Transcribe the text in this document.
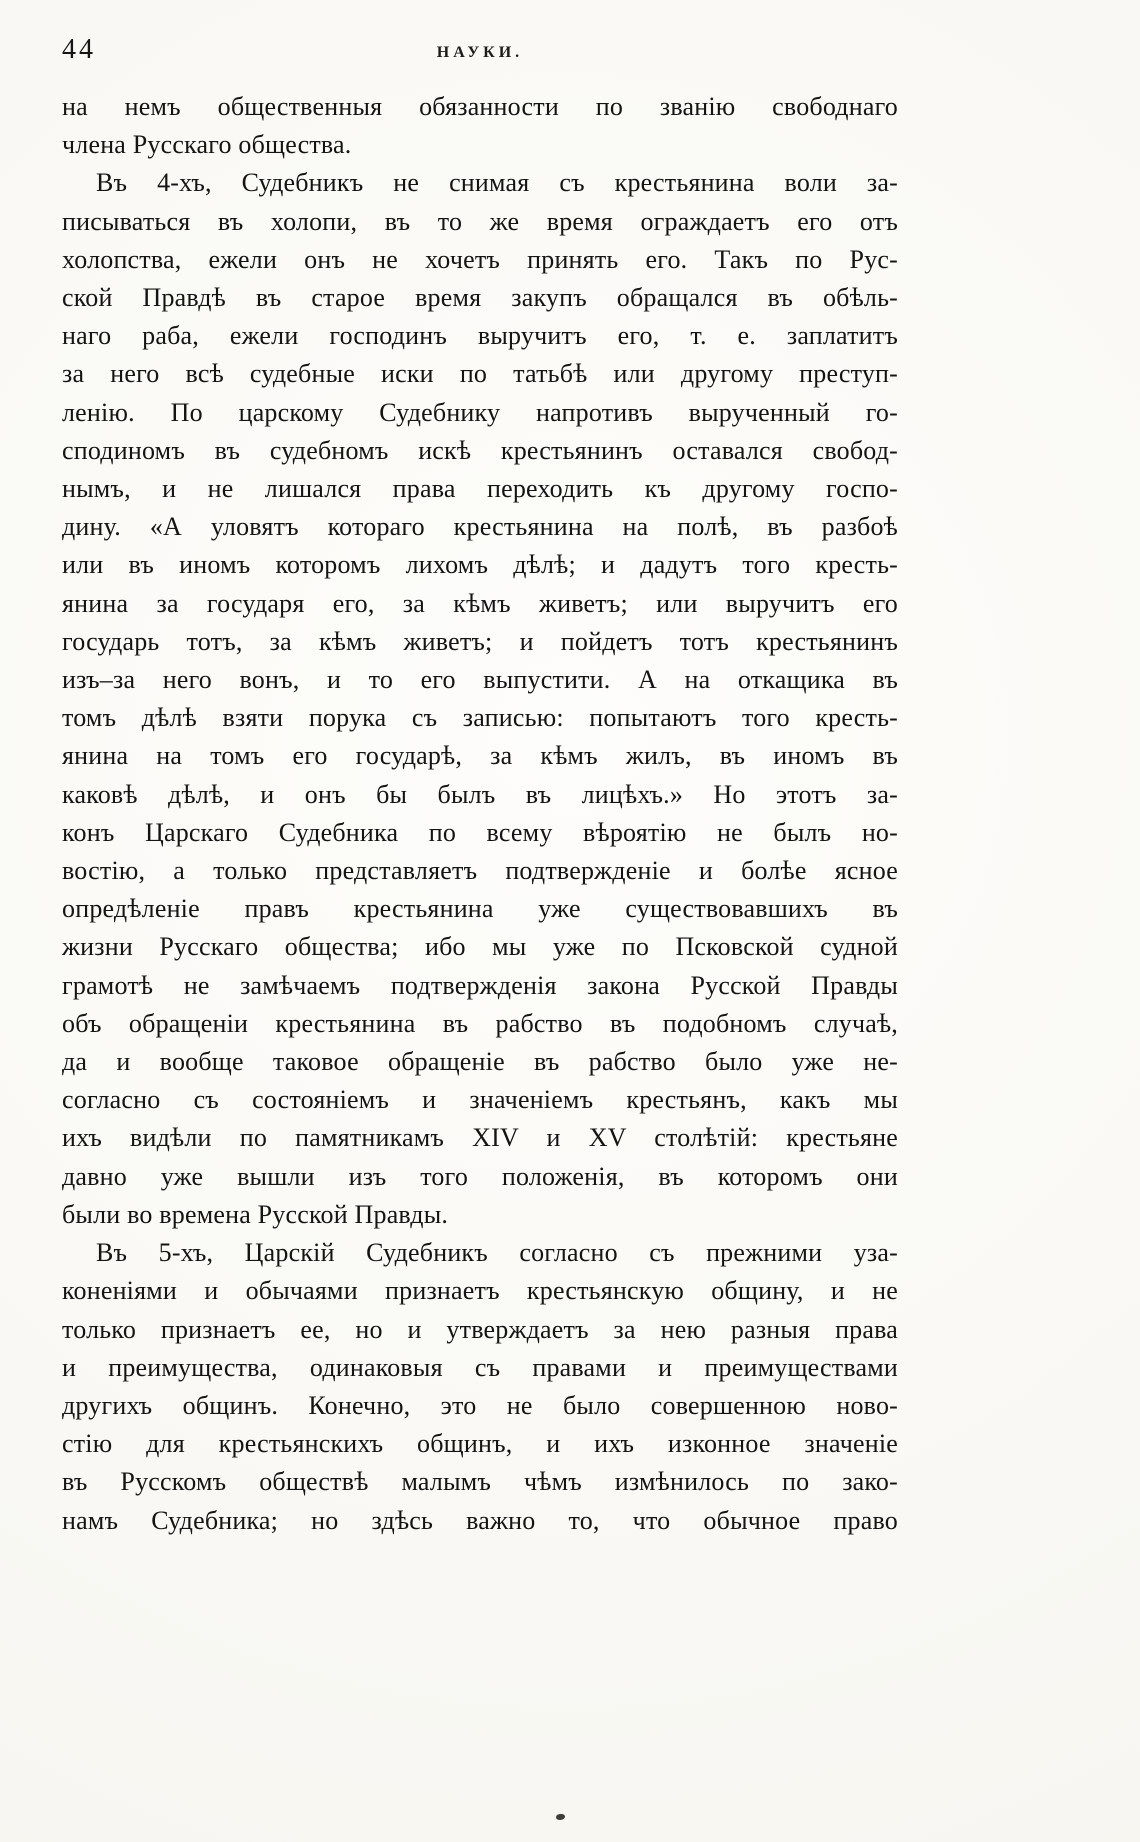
44	НАУКИ.
на немъ общественныя обязанности по званію свободнаго
члена Русскаго общества.
Въ 4-хъ, Судебникъ не снимая съ крестьянина воли за-
писываться въ холопи, въ то же время ограждаетъ его отъ
холопства, ежели онъ не хочетъ принять его. Такъ по Рус-
ской Правдѣ въ старое время закупъ обращался въ обѣль-
наго раба, ежели господинъ выручитъ его, т. е. заплатитъ
за него всѣ судебные иски по татьбѣ или другому преступ-
ленію. По царскому Судебнику напротивъ вырученный го-
сподиномъ въ судебномъ искѣ крестьянинъ оставался свобод-
нымъ, и не лишался права переходить къ другому госпо-
дину. «А уловятъ котораго крестьянина на полѣ, въ разбоѣ
или въ иномъ которомъ лихомъ дѣлѣ; и дадутъ того кресть-
янина за государя его, за кѣмъ живетъ; или выручитъ его
государь тотъ, за кѣмъ живетъ; и пойдетъ тотъ крестьянинъ
изъ–за него вонъ, и то его выпустити. А на откащика въ
томъ дѣлѣ взяти порука съ записью: попытаютъ того кресть-
янина на томъ его государѣ, за кѣмъ жилъ, въ иномъ въ
каковѣ дѣлѣ, и онъ бы былъ въ лицѣхъ.» Но этотъ за-
конъ Царскаго Судебника по всему вѣроятію не былъ но-
востію, а только представляетъ подтвержденіе и болѣе ясное
опредѣленіе правъ крестьянина уже существовавшихъ въ
жизни Русскаго общества; ибо мы уже по Псковской судной
грамотѣ не замѣчаемъ подтвержденія закона Русской Правды
объ обращеніи крестьянина въ рабство въ подобномъ случаѣ,
да и вообще таковое обращеніе въ рабство было уже не-
согласно съ состояніемъ и значеніемъ крестьянъ, какъ мы
ихъ видѣли по памятникамъ XIV и XV столѣтій: крестьяне
давно уже вышли изъ того положенія, въ которомъ они
были во времена Русской Правды.
Въ 5-хъ, Царскій Судебникъ согласно съ прежними уза-
коненіями и обычаями признаетъ крестьянскую общину, и не
только признаетъ ее, но и утверждаетъ за нею разныя права
и преимущества, одинаковыя съ правами и преимуществами
другихъ общинъ. Конечно, это не было совершенною ново-
стію для крестьянскихъ общинъ, и ихъ изконное значеніе
въ Русскомъ обществѣ малымъ чѣмъ измѣнилось по зако-
намъ Судебника; но здѣсь важно то, что обычное право
